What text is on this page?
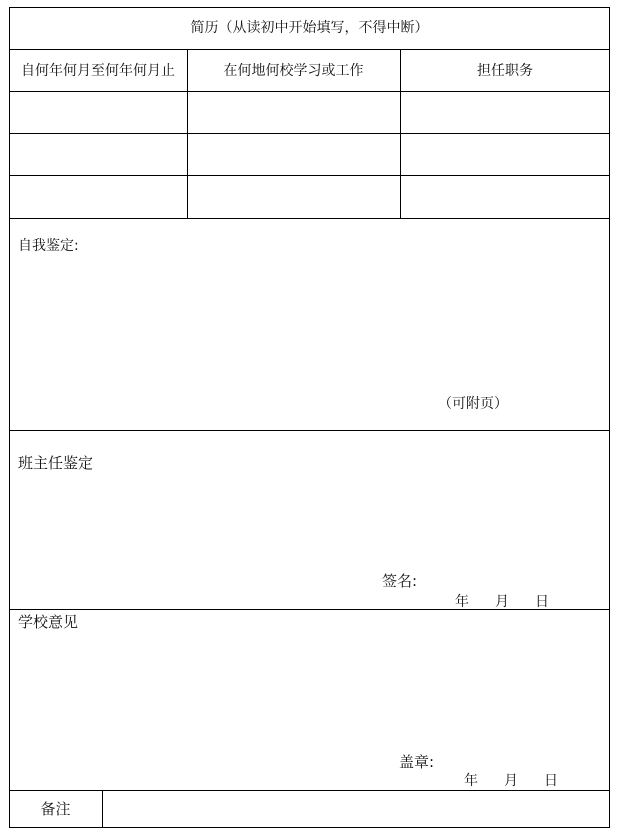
简历（从读初中开始填写，不得中断）
自何年何月至何年何月止	在何地何校学习或工作	担任职务
自我鉴定:
（可附页）
班主任鉴定
签名:
年 月 日
学校意见
盖章:
年 月 日
备注
